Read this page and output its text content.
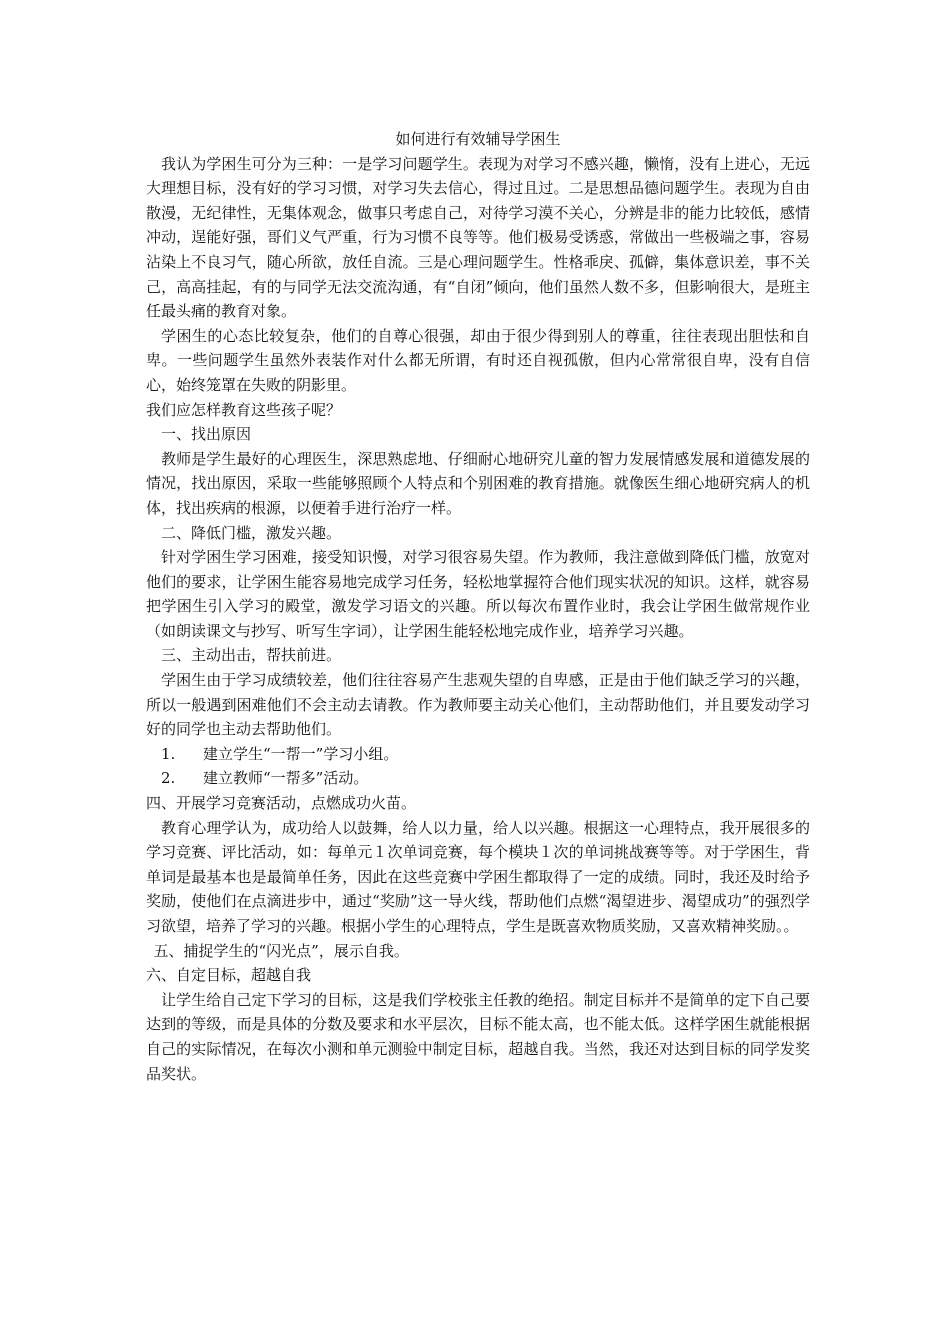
如何进行有效辅导学困生

我认为学困生可分为三种：一是学习问题学生。表现为对学习不感兴趣，懒惰，没有上进心，无远大理想目标，没有好的学习习惯，对学习失去信心，得过且过。二是思想品德问题学生。表现为自由散漫，无纪律性，无集体观念，做事只考虑自己，对待学习漠不关心，分辨是非的能力比较低，感情冲动，逞能好强，哥们义气严重，行为习惯不良等等。他们极易受诱惑，常做出一些极端之事，容易沾染上不良习气，随心所欲，放任自流。三是心理问题学生。性格乖戾、孤僻，集体意识差，事不关己，高高挂起，有的与同学无法交流沟通，有“自闭”倾向，他们虽然人数不多，但影响很大，是班主任最头痛的教育对象。

学困生的心态比较复杂，他们的自尊心很强，却由于很少得到别人的尊重，往往表现出胆怯和自卑。一些问题学生虽然外表装作对什么都无所谓，有时还自视孤傲，但内心常常很自卑，没有自信心，始终笼罩在失败的阴影里。

我们应怎样教育这些孩子呢？

一、找出原因

教师是学生最好的心理医生，深思熟虑地、仔细耐心地研究儿童的智力发展情感发展和道德发展的情况，找出原因，采取一些能够照顾个人特点和个别困难的教育措施。就像医生细心地研究病人的机体，找出疾病的根源，以便着手进行治疗一样。

二、降低门槛，激发兴趣。

针对学困生学习困难，接受知识慢，对学习很容易失望。作为教师，我注意做到降低门槛，放宽对他们的要求，让学困生能容易地完成学习任务，轻松地掌握符合他们现实状况的知识。这样，就容易把学困生引入学习的殿堂，激发学习语文的兴趣。所以每次布置作业时，我会让学困生做常规作业（如朗读课文与抄写、听写生字词），让学困生能轻松地完成作业，培养学习兴趣。

三、主动出击，帮扶前进。

学困生由于学习成绩较差，他们往往容易产生悲观失望的自卑感，正是由于他们缺乏学习的兴趣，所以一般遇到困难他们不会主动去请教。作为教师要主动关心他们，主动帮助他们，并且要发动学习好的同学也主动去帮助他们。

1. 建立学生“一帮一”学习小组。

2. 建立教师“一帮多”活动。

四、开展学习竞赛活动，点燃成功火苗。

教育心理学认为，成功给人以鼓舞，给人以力量，给人以兴趣。根据这一心理特点，我开展很多的学习竞赛、评比活动，如：每单元１次单词竞赛，每个模块１次的单词挑战赛等等。对于学困生，背单词是最基本也是最简单任务，因此在这些竞赛中学困生都取得了一定的成绩。同时，我还及时给予奖励，使他们在点滴进步中，通过“奖励”这一导火线，帮助他们点燃“渴望进步、渴望成功”的强烈学习欲望，培养了学习的兴趣。根据小学生的心理特点，学生是既喜欢物质奖励，又喜欢精神奖励。。

五、捕捉学生的“闪光点”，展示自我。

六、自定目标，超越自我

让学生给自己定下学习的目标，这是我们学校张主任教的绝招。制定目标并不是简单的定下自己要达到的等级，而是具体的分数及要求和水平层次，目标不能太高，也不能太低。这样学困生就能根据自己的实际情况，在每次小测和单元测验中制定目标，超越自我。当然，我还对达到目标的同学发奖品奖状。
